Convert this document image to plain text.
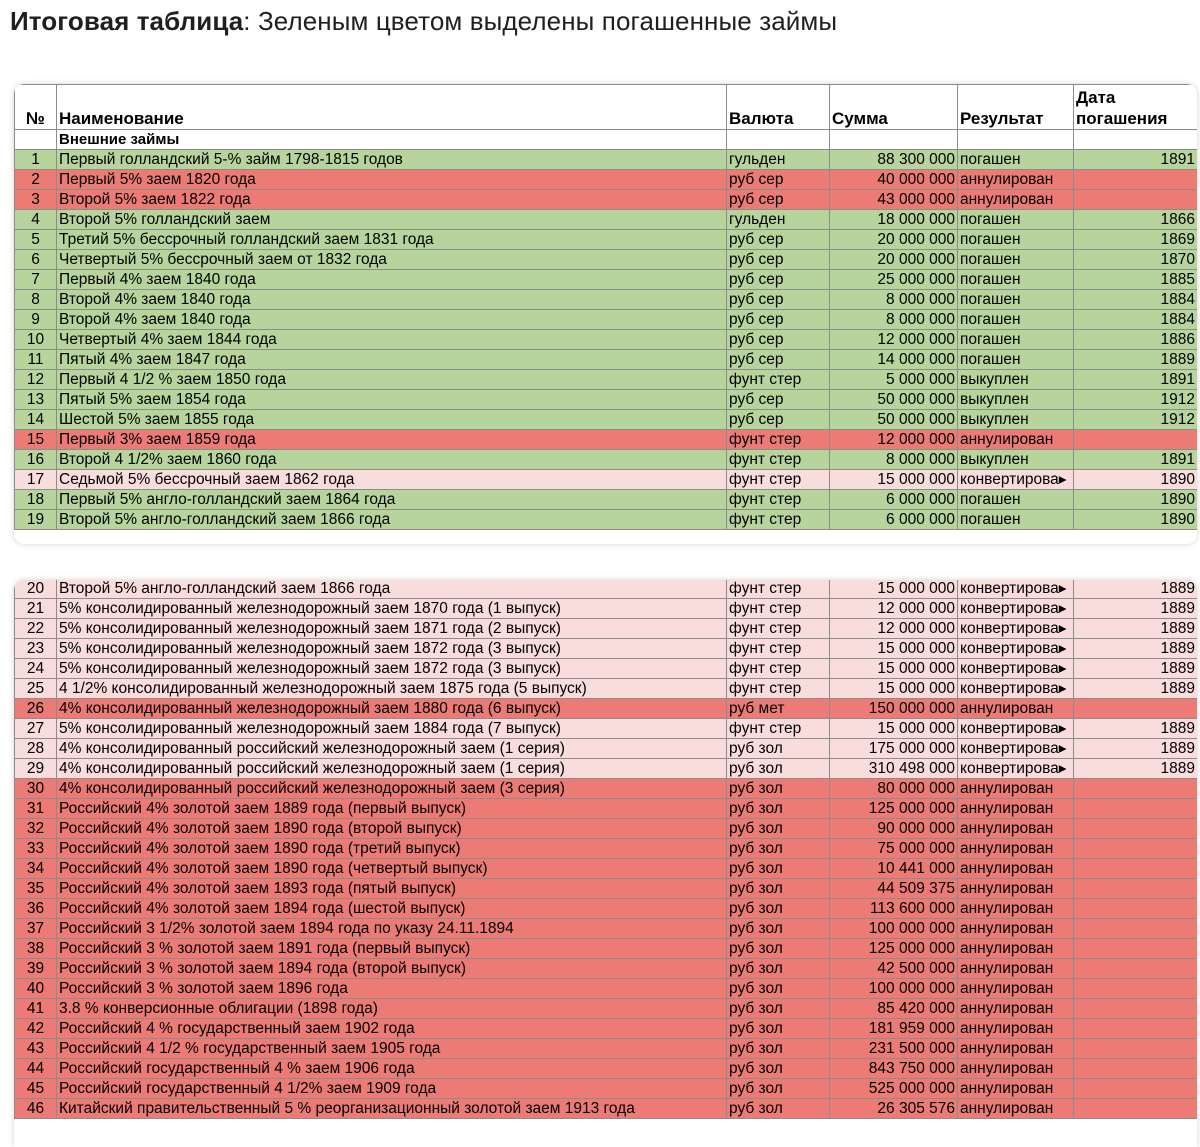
Итоговая таблица: Зеленым цветом выделены погашенные займы
№	Наименование	Валюта	Сумма	Результат	Дата погашения
	Внешние займы				
1	Первый голландский 5-% займ 1798-1815 годов	гульден	88 300 000	погашен	1891
2	Первый 5% заем 1820 года	руб сер	40 000 000	аннулирован	
3	Второй 5% заем 1822 года	руб сер	43 000 000	аннулирован	
4	Второй 5% голландский заем	гульден	18 000 000	погашен	1866
5	Третий 5% бессрочный голландский заем 1831 года	руб сер	20 000 000	погашен	1869
6	Четвертый 5% бессрочный заем от 1832 года	руб сер	20 000 000	погашен	1870
7	Первый 4% заем 1840 года	руб сер	25 000 000	погашен	1885
8	Второй 4% заем 1840 года	руб сер	8 000 000	погашен	1884
9	Второй 4% заем 1840 года	руб сер	8 000 000	погашен	1884
10	Четвертый 4% заем 1844 года	руб сер	12 000 000	погашен	1886
11	Пятый 4% заем 1847 года	руб сер	14 000 000	погашен	1889
12	Первый 4 1/2 % заем 1850 года	фунт стер	5 000 000	выкуплен	1891
13	Пятый 5% заем 1854 года	руб сер	50 000 000	выкуплен	1912
14	Шестой 5% заем 1855 года	руб сер	50 000 000	выкуплен	1912
15	Первый 3% заем 1859 года	фунт стер	12 000 000	аннулирован	
16	Второй 4 1/2% заем 1860 года	фунт стер	8 000 000	выкуплен	1891
17	Седьмой 5% бессрочный заем 1862 года	фунт стер	15 000 000	конвертирова▸	1890
18	Первый 5% англо-голландский заем 1864 года	фунт стер	6 000 000	погашен	1890
19	Второй 5% англо-голландский заем 1866 года	фунт стер	6 000 000	погашен	1890
20	Второй 5% англо-голландский заем 1866 года	фунт стер	15 000 000	конвертирова▸	1889
21	5% консолидированный железнодорожный заем 1870 года (1 выпуск)	фунт стер	12 000 000	конвертирова▸	1889
22	5% консолидированный железнодорожный заем 1871 года (2 выпуск)	фунт стер	12 000 000	конвертирова▸	1889
23	5% консолидированный железнодорожный заем 1872 года (3 выпуск)	фунт стер	15 000 000	конвертирова▸	1889
24	5% консолидированный железнодорожный заем 1872 года (3 выпуск)	фунт стер	15 000 000	конвертирова▸	1889
25	4 1/2% консолидированный железнодорожный заем 1875 года (5 выпуск)	фунт стер	15 000 000	конвертирова▸	1889
26	4% консолидированный железнодорожный заем 1880 года (6 выпуск)	руб мет	150 000 000	аннулирован	
27	5% консолидированный железнодорожный заем 1884 года (7 выпуск)	фунт стер	15 000 000	конвертирова▸	1889
28	4% консолидированный российский железнодорожный заем (1 серия)	руб зол	175 000 000	конвертирова▸	1889
29	4% консолидированный российский железнодорожный заем (1 серия)	руб зол	310 498 000	конвертирова▸	1889
30	4% консолидированный российский железнодорожный заем (3 серия)	руб зол	80 000 000	аннулирован	
31	Российский 4% золотой заем 1889 года (первый выпуск)	руб зол	125 000 000	аннулирован	
32	Российский 4% золотой заем 1890 года (второй выпуск)	руб зол	90 000 000	аннулирован	
33	Российский 4% золотой заем 1890 года (третий выпуск)	руб зол	75 000 000	аннулирован	
34	Российский 4% золотой заем 1890 года (четвертый выпуск)	руб зол	10 441 000	аннулирован	
35	Российский 4% золотой заем 1893 года (пятый выпуск)	руб зол	44 509 375	аннулирован	
36	Российский 4% золотой заем 1894 года (шестой выпуск)	руб зол	113 600 000	аннулирован	
37	Российский 3 1/2% золотой заем 1894 года по указу 24.11.1894	руб зол	100 000 000	аннулирован	
38	Российский 3 % золотой заем 1891 года (первый выпуск)	руб зол	125 000 000	аннулирован	
39	Российский 3 % золотой заем 1894 года (второй выпуск)	руб зол	42 500 000	аннулирован	
40	Российский 3 % золотой заем 1896 года	руб зол	100 000 000	аннулирован	
41	3.8 % конверсионные облигации (1898 года)	руб зол	85 420 000	аннулирован	
42	Российский 4 % государственный заем 1902 года	руб зол	181 959 000	аннулирован	
43	Российский 4 1/2 % государственный заем 1905 года	руб зол	231 500 000	аннулирован	
44	Российский государственный 4 % заем 1906 года	руб зол	843 750 000	аннулирован	
45	Российский государственный 4 1/2% заем 1909 года	руб зол	525 000 000	аннулирован	
46	Китайский правительственный 5 % реорганизационный золотой заем 1913 года	руб зол	26 305 576	аннулирован	
